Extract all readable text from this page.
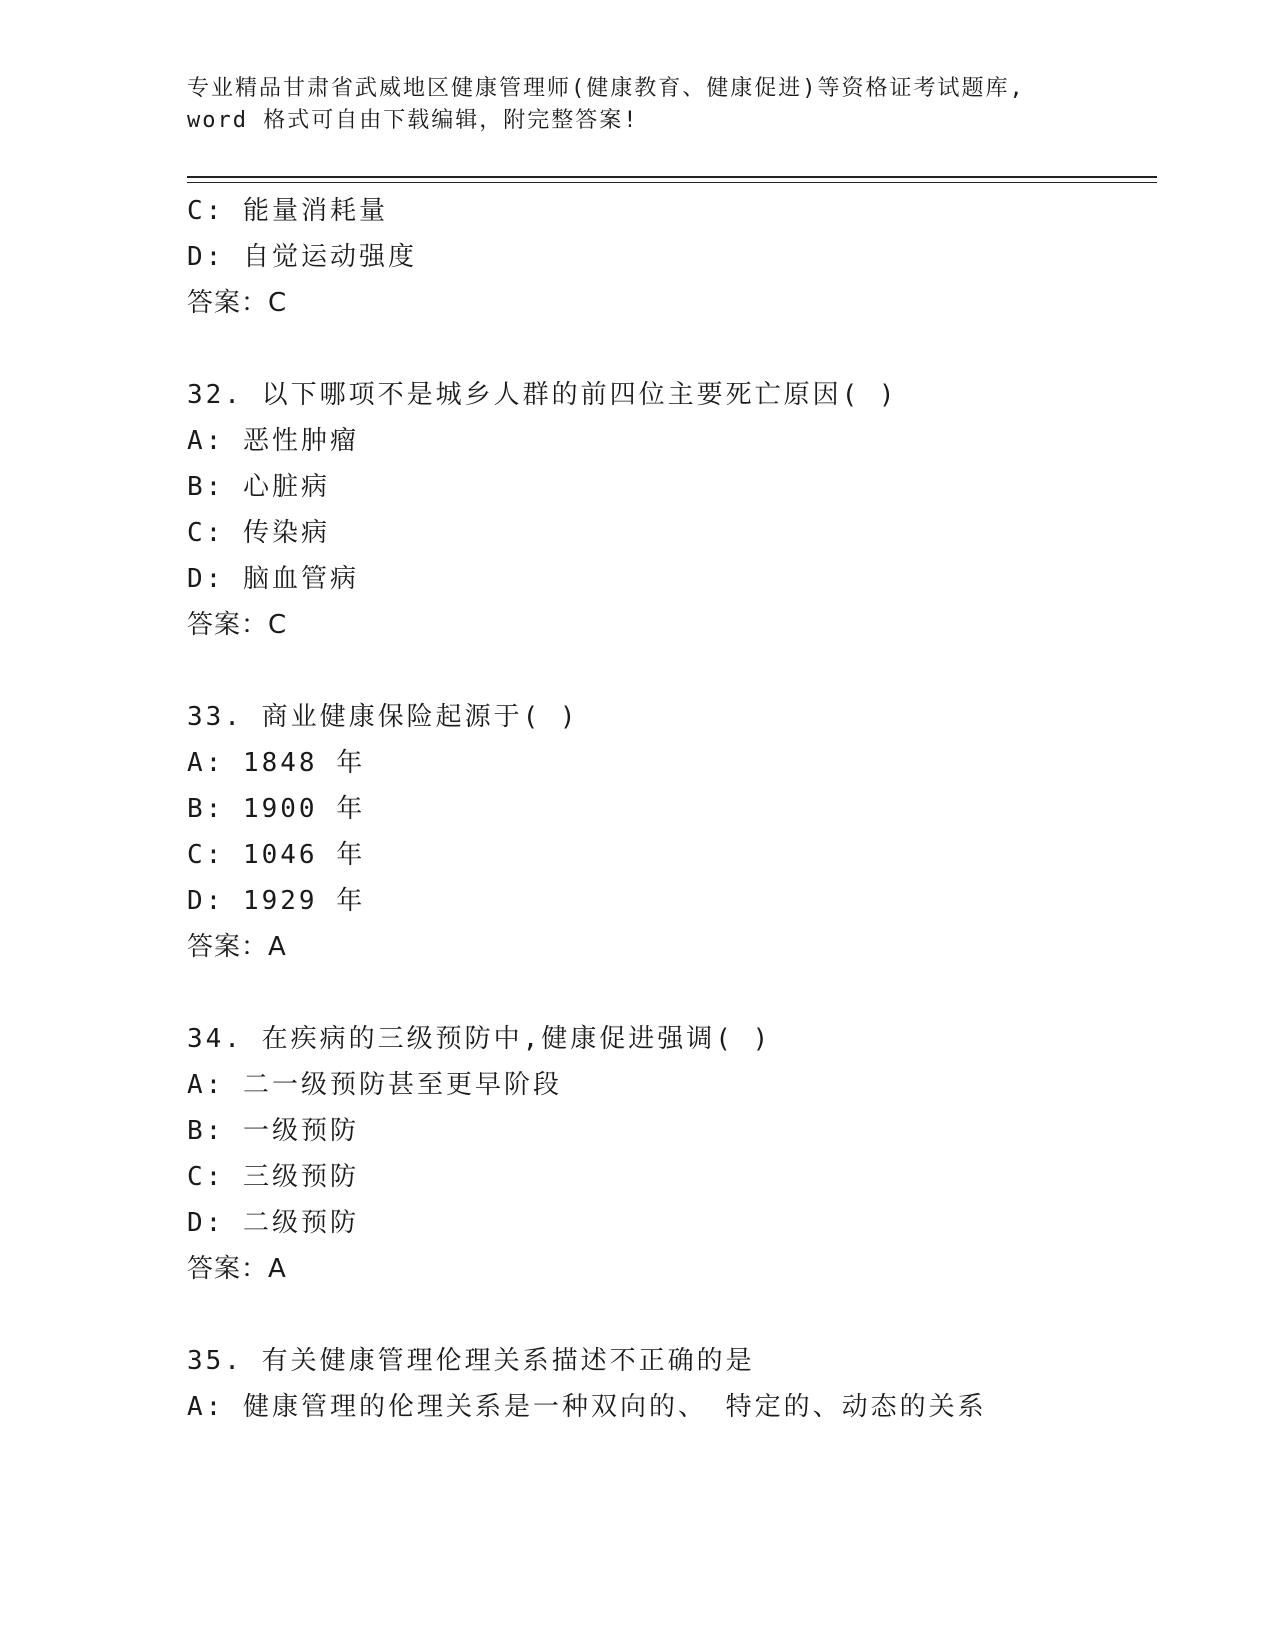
专业精品甘肃省武威地区健康管理师(健康教育、健康促进)等资格证考试题库,
word 格式可自由下载编辑，附完整答案!
C: 能量消耗量
D: 自觉运动强度
答案：C
32. 以下哪项不是城乡人群的前四位主要死亡原因( )
A: 恶性肿瘤
B: 心脏病
C: 传染病
D: 脑血管病
答案：C
33. 商业健康保险起源于( )
A: 1848 年
B: 1900 年
C: 1046 年
D: 1929 年
答案：A
34. 在疾病的三级预防中,健康促进强调( )
A: 二一级预防甚至更早阶段
B: 一级预防
C: 三级预防
D: 二级预防
答案：A
35. 有关健康管理伦理关系描述不正确的是
A: 健康管理的伦理关系是一种双向的、 特定的、动态的关系
